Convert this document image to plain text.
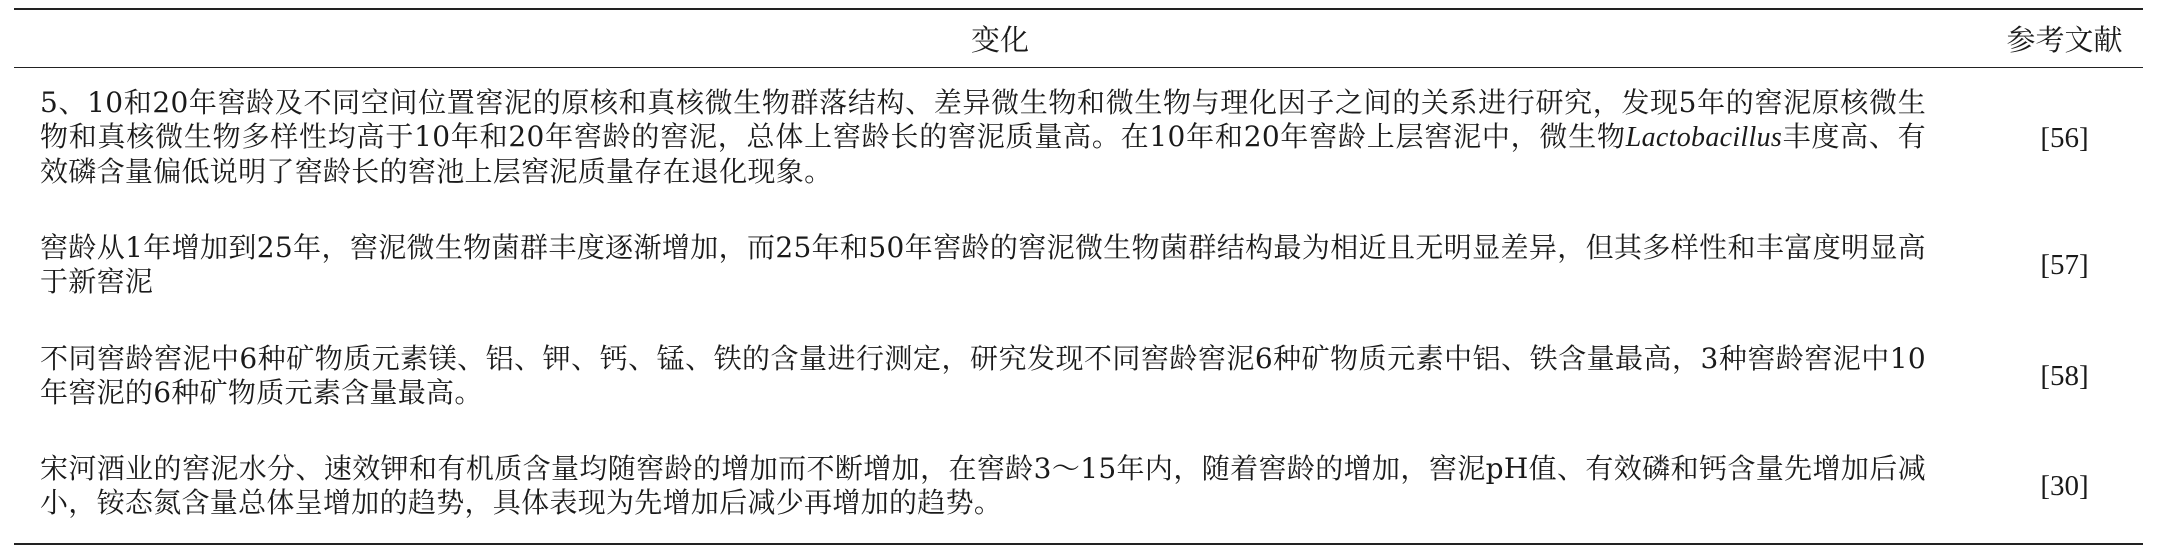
变化	参考文献
5、10和20年窖龄及不同空间位置窖泥的原核和真核微生物群落结构、差异微生物和微生物与理化因子之间的关系进行研究，发现5年的窖泥原核微生物和真核微生物多样性均高于10年和20年窖龄的窖泥，总体上窖龄长的窖泥质量高。在10年和20年窖龄上层窖泥中，微生物Lactobacillus丰度高、有效磷含量偏低说明了窖龄长的窖池上层窖泥质量存在退化现象。	[56]
窖龄从1年增加到25年，窖泥微生物菌群丰度逐渐增加，而25年和50年窖龄的窖泥微生物菌群结构最为相近且无明显差异，但其多样性和丰富度明显高于新窖泥	[57]
不同窖龄窖泥中6种矿物质元素镁、铝、钾、钙、锰、铁的含量进行测定，研究发现不同窖龄窖泥6种矿物质元素中铝、铁含量最高，3种窖龄窖泥中10年窖泥的6种矿物质元素含量最高。	[58]
宋河酒业的窖泥水分、速效钾和有机质含量均随窖龄的增加而不断增加，在窖龄3～15年内，随着窖龄的增加，窖泥pH值、有效磷和钙含量先增加后减小，铵态氮含量总体呈增加的趋势，具体表现为先增加后减少再增加的趋势。	[30]
